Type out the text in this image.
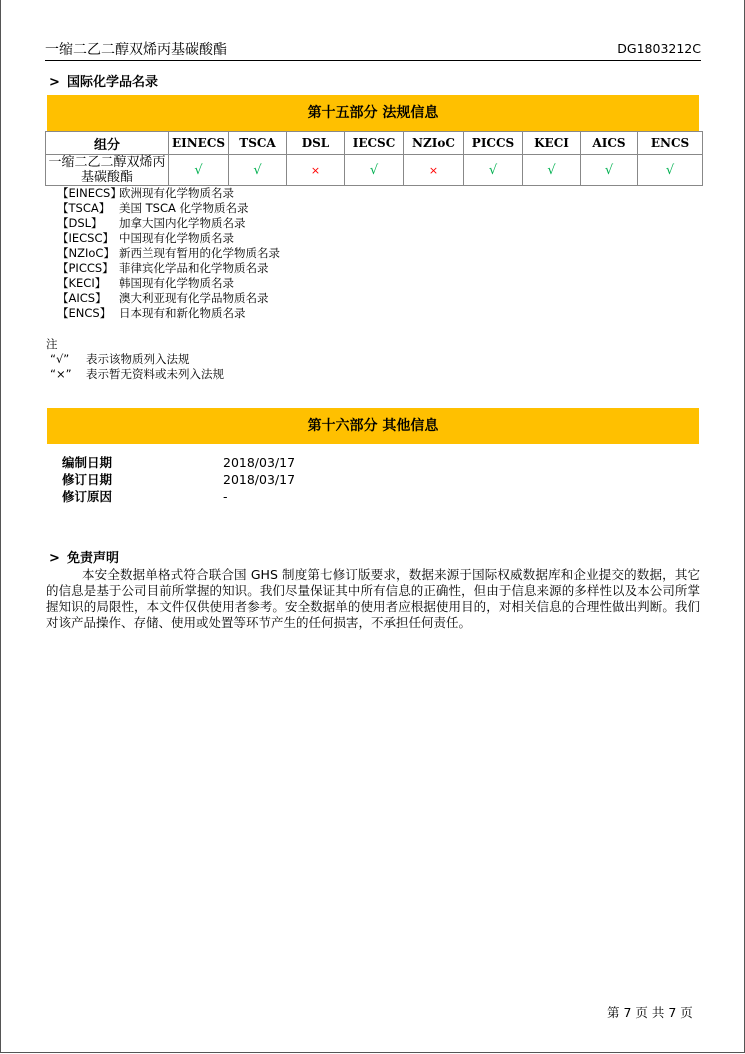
一缩二乙二醇双烯丙基碳酸酯	DG1803212C
> 国际化学品名录
第十五部分 法规信息
组分	EINECS	TSCA	DSL	IECSC	NZIoC	PICCS	KECI	AICS	ENCS

一缩二乙二醇双烯丙
基碳酸酯	√	√	×	√	×	√	√	√	√
【EINECS】欧洲现有化学物质名录
【TSCA】 美国 TSCA 化学物质名录
【DSL】 加拿大国内化学物质名录
【IECSC】 中国现有化学物质名录
【NZIoC】 新西兰现有暂用的化学物质名录
【PICCS】 菲律宾化学品和化学物质名录
【KECI】 韩国现有化学物质名录
【AICS】 澳大利亚现有化学品物质名录
【ENCS】 日本现有和新化物质名录
注
“√” 表示该物质列入法规
“×” 表示暂无资料或未列入法规
第十六部分 其他信息
编制日期	2018/03/17
修订日期	2018/03/17
修订原因	-
> 免责声明
本安全数据单格式符合联合国 GHS 制度第七修订版要求，数据来源于国际权威数据库和企业提交的数据，其它的信息是基于公司目前所掌握的知识。我们尽量保证其中所有信息的正确性，但由于信息来源的多样性以及本公司所掌握知识的局限性，本文件仅供使用者参考。安全数据单的使用者应根据使用目的，对相关信息的合理性做出判断。我们对该产品操作、存储、使用或处置等环节产生的任何损害，不承担任何责任。
第 7 页 共 7 页
